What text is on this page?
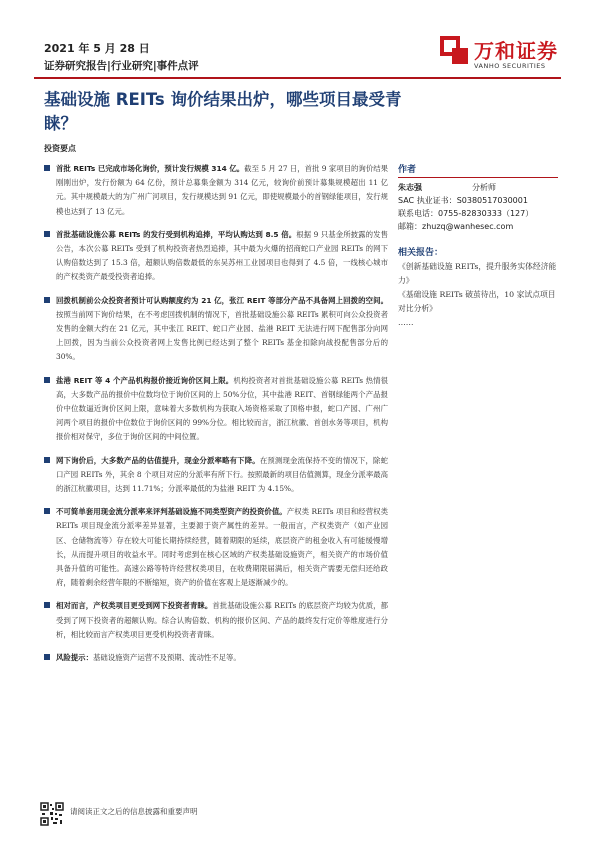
2021 年 5 月 28 日
证券研究报告|行业研究|事件点评
万和证券
VANHO SECURITIES
基础设施 REITs 询价结果出炉，哪些项目最受青睐？
投资要点

首批 REITs 已完成市场化询价，预计发行规模 314 亿。截至 5 月 27 日，首批 9 家项目的询价结果刚刚出炉，发行份额为 64 亿份，预计总募集金额为 314 亿元，较询价前预计募集规模超出 11 亿元。其中规模最大的为广州广河项目，发行规模达到 91 亿元，即使规模最小的首钢绿能项目，发行规模也达到了 13 亿元。

首批基础设施公募 REITs 的发行受到机构追捧，平均认购达到 8.5 倍。根据 9 只基金所披露的发售公告，本次公募 REITs 受到了机构投资者热烈追捧，其中最为火爆的招商蛇口产业园 REITs 的网下认购倍数达到了 15.3 倍，超额认购倍数最低的东吴苏州工业园项目也得到了 4.5 倍，一线核心城市的产权类资产最受投资者追捧。

回拨机制前公众投资者预计可认购额度约为 21 亿，张江 REIT 等部分产品不具备网上回拨的空间。按照当前网下询价结果，在不考虑回拨机制的情况下，首批基础设施公募 REITs 累积可向公众投资者发售的金额大约在 21 亿元，其中张江 REIT、蛇口产业园、盐港 REIT 无法进行网下配售部分向网上回拨，因为当前公众投资者网上发售比例已经达到了整个 REITs 基金扣除向战投配售部分后的 30%。

盐港 REIT 等 4 个产品机构报价接近询价区间上限。机构投资者对首批基础设施公募 REITs 热情很高，大多数产品的报价中位数均位于询价区间的上 50%分位，其中盐港 REIT、首钢绿能两个产品报价中位数逼近询价区间上限，意味着大多数机构为获取入场资格采取了顶格申报，蛇口产园、广州广河两个项目的报价中位数位于询价区间的 99%分位。相比较而言，浙江杭徽、首创水务等项目，机构报价相对保守，多位于询价区间的中间位置。

网下询价后，大多数产品的估值提升，现金分派率略有下降。在预测现金流保持不变的情况下，除蛇口产园 REITs 外，其余 8 个项目对应的分派率有所下行。按照最新的项目估值测算，现金分派率最高的浙江杭徽项目，达到 11.71%；分派率最低的为盐港 REIT 为 4.15%。

不可简单套用现金流分派率来评判基础设施不同类型资产的投资价值。产权类 REITs 项目和经营权类 REITs 项目现金流分派率差异显著，主要源于资产属性的差异。一般而言，产权类资产（如产业园区、仓储物流等）存在较大可能长期持续经营，随着期限的延续，底层资产的租金收入有可能缓慢增长，从而提升项目的收益水平。同时考虑到在核心区域的产权类基础设施资产，相关资产的市场价值具备升值的可能性。高速公路等特许经营权类项目，在收费期限届满后，相关资产需要无偿归还给政府，随着剩余经营年限的不断缩短，资产的价值在客观上是逐渐减少的。

相对而言，产权类项目更受到网下投资者青睐。首批基础设施公募 REITs 的底层资产均较为优质，都受到了网下投资者的超额认购。综合认购倍数、机构的报价区间、产品的最终发行定价等维度进行分析，相比较而言产权类项目更受机构投资者青睐。

风险提示：基础设施资产运营不及预期、流动性不足等。

作者
朱志强	分析师
SAC 执业证书：S0380517030001
联系电话：0755-82830333（127）
邮箱：zhuzq@wanhesec.com
相关报告：
《创新基础设施 REITs，提升服务实体经济能力》
《基础设施 REITs 破茧待出，10 家试点项目对比分析》
……
请阅读正文之后的信息披露和重要声明
